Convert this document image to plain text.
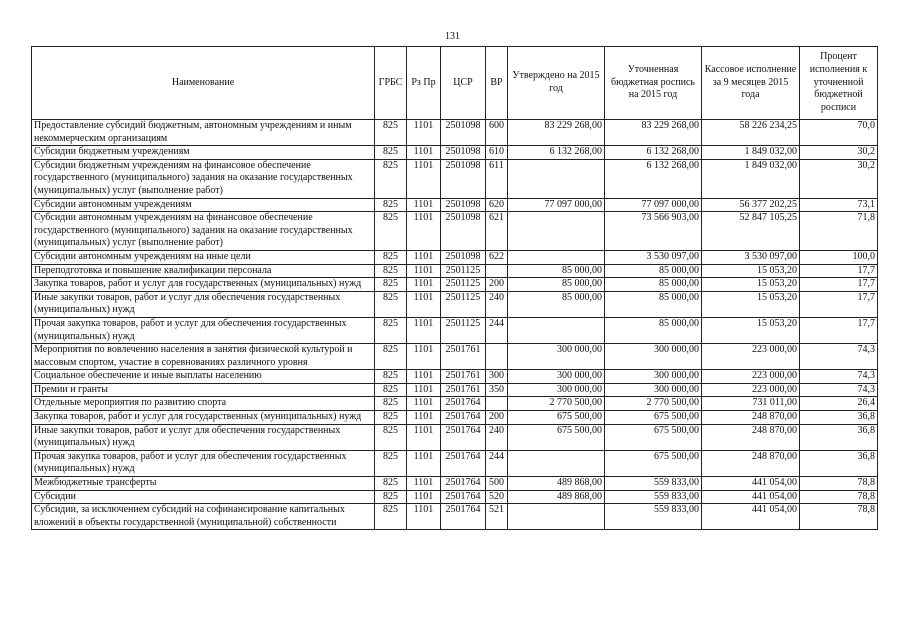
131
Наименование	ГРБС	Рз Пр	ЦСР	ВР	Утверждено на 2015 год	Уточненная бюджетная роспись на 2015 год	Кассовое исполнение за 9 месяцев 2015 года	Процент исполнения к уточненной бюджетной росписи
Предоставление субсидий бюджетным, автономным учреждениям и иным некоммерческим организациям	825	1101	2501098	600	83 229 268,00	83 229 268,00	58 226 234,25	70,0
Субсидии бюджетным учреждениям	825	1101	2501098	610	6 132 268,00	6 132 268,00	1 849 032,00	30,2
Субсидии бюджетным учреждениям на финансовое обеспечение государственного (муниципального) задания на оказание государственных (муниципальных) услуг (выполнение работ)	825	1101	2501098	611		6 132 268,00	1 849 032,00	30,2
Субсидии автономным учреждениям	825	1101	2501098	620	77 097 000,00	77 097 000,00	56 377 202,25	73,1
Субсидии автономным учреждениям на финансовое обеспечение государственного (муниципального) задания на оказание государственных (муниципальных) услуг (выполнение работ)	825	1101	2501098	621		73 566 903,00	52 847 105,25	71,8
Субсидии автономным учреждениям на иные цели	825	1101	2501098	622		3 530 097,00	3 530 097,00	100,0
Переподготовка и повышение квалификации персонала	825	1101	2501125		85 000,00	85 000,00	15 053,20	17,7
Закупка товаров, работ и услуг для государственных (муниципальных) нужд	825	1101	2501125	200	85 000,00	85 000,00	15 053,20	17,7
Иные закупки товаров, работ и услуг для обеспечения государственных (муниципальных) нужд	825	1101	2501125	240	85 000,00	85 000,00	15 053,20	17,7
Прочая закупка товаров, работ и услуг для обеспечения государственных (муниципальных) нужд	825	1101	2501125	244		85 000,00	15 053,20	17,7
Мероприятия по вовлечению населения в занятия физической культурой и массовым спортом, участие в соревнованиях различного уровня	825	1101	2501761		300 000,00	300 000,00	223 000,00	74,3
Социальное обеспечение и иные выплаты населению	825	1101	2501761	300	300 000,00	300 000,00	223 000,00	74,3
Премии и гранты	825	1101	2501761	350	300 000,00	300 000,00	223 000,00	74,3
Отдельные мероприятия по развитию спорта	825	1101	2501764		2 770 500,00	2 770 500,00	731 011,00	26,4
Закупка товаров, работ и услуг для государственных (муниципальных) нужд	825	1101	2501764	200	675 500,00	675 500,00	248 870,00	36,8
Иные закупки товаров, работ и услуг для обеспечения государственных (муниципальных) нужд	825	1101	2501764	240	675 500,00	675 500,00	248 870,00	36,8
Прочая закупка товаров, работ и услуг для обеспечения государственных (муниципальных) нужд	825	1101	2501764	244		675 500,00	248 870,00	36,8
Межбюджетные трансферты	825	1101	2501764	500	489 868,00	559 833,00	441 054,00	78,8
Субсидии	825	1101	2501764	520	489 868,00	559 833,00	441 054,00	78,8
Субсидии, за исключением субсидий на софинансирование капитальных вложений в объекты государственной (муниципальной) собственности	825	1101	2501764	521		559 833,00	441 054,00	78,8
